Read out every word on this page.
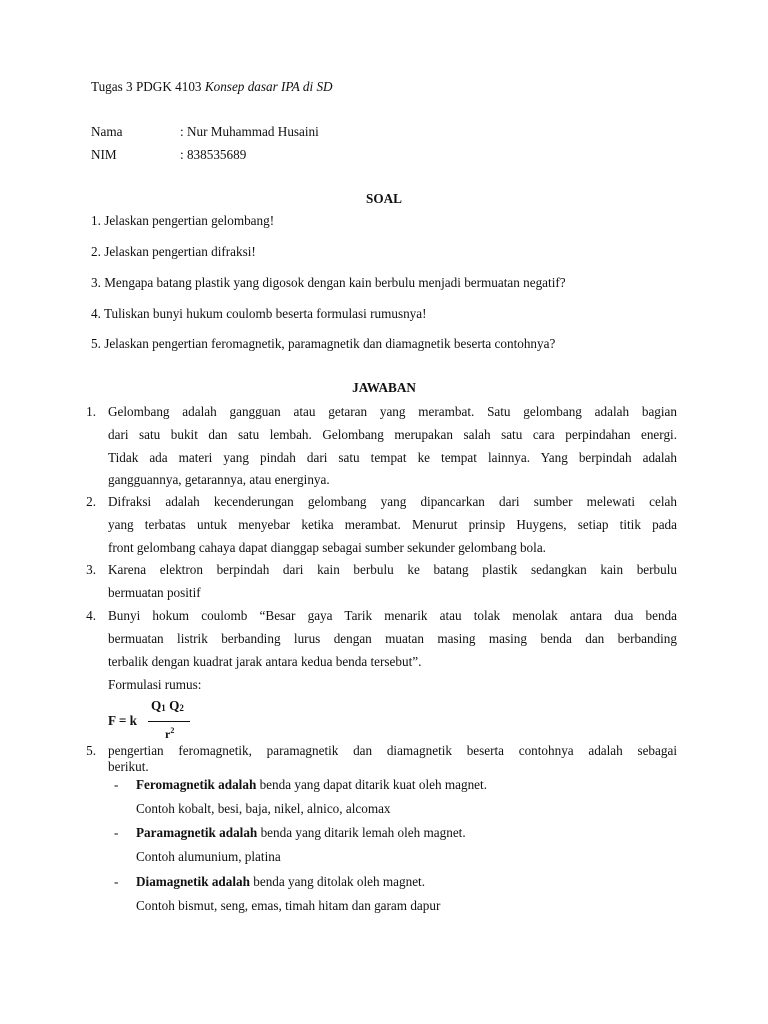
Tugas 3 PDGK 4103 Konsep dasar IPA di SD
Nama	: Nur Muhammad Husaini
NIM	: 838535689
SOAL
1. Jelaskan pengertian gelombang!
2. Jelaskan pengertian difraksi!
3. Mengapa batang plastik yang digosok dengan kain berbulu menjadi bermuatan negatif?
4. Tuliskan bunyi hukum coulomb beserta formulasi rumusnya!
5. Jelaskan pengertian feromagnetik, paramagnetik dan diamagnetik beserta contohnya?
JAWABAN
1. Gelombang adalah gangguan atau getaran yang merambat. Satu gelombang adalah bagian
dari satu bukit dan satu lembah. Gelombang merupakan salah satu cara perpindahan energi.
Tidak ada materi yang pindah dari satu tempat ke tempat lainnya. Yang berpindah adalah
gangguannya, getarannya, atau energinya.
2. Difraksi adalah kecenderungan gelombang yang dipancarkan dari sumber melewati celah
yang terbatas untuk menyebar ketika merambat. Menurut prinsip Huygens, setiap titik pada
front gelombang cahaya dapat dianggap sebagai sumber sekunder gelombang bola.
3. Karena elektron berpindah dari kain berbulu ke batang plastik sedangkan kain berbulu
bermuatan positif
4. Bunyi hokum coulomb “Besar gaya Tarik menarik atau tolak menolak antara dua benda
bermuatan listrik berbanding lurus dengan muatan masing masing benda dan berbanding
terbalik dengan kuadrat jarak antara kedua benda tersebut”.
Formulasi rumus:
Q1 Q2
F = k
$r^2$
5. pengertian feromagnetik, paramagnetik dan diamagnetik beserta contohnya adalah sebagai
berikut.
- Feromagnetik adalah benda yang dapat ditarik kuat oleh magnet.
Contoh kobalt, besi, baja, nikel, alnico, alcomax
- Paramagnetik adalah benda yang ditarik lemah oleh magnet.
Contoh alumunium, platina
- Diamagnetik adalah benda yang ditolak oleh magnet.
Contoh bismut, seng, emas, timah hitam dan garam dapur
